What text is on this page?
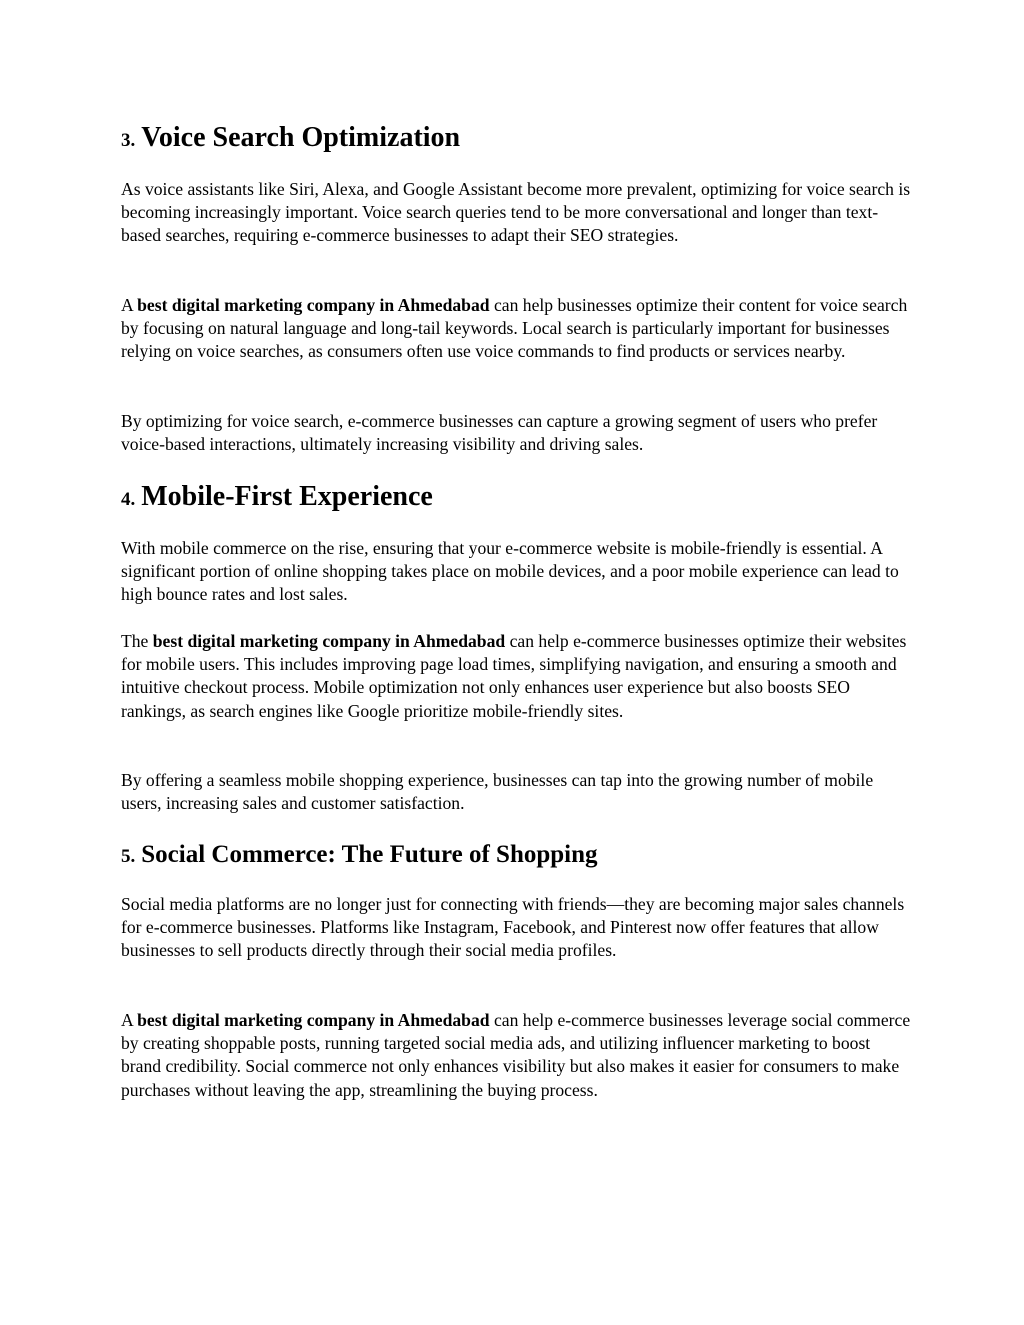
3. Voice Search Optimization

As voice assistants like Siri, Alexa, and Google Assistant become more prevalent, optimizing for voice search is becoming increasingly important. Voice search queries tend to be more conversational and longer than text-based searches, requiring e-commerce businesses to adapt their SEO strategies.

A best digital marketing company in Ahmedabad can help businesses optimize their content for voice search by focusing on natural language and long-tail keywords. Local search is particularly important for businesses relying on voice searches, as consumers often use voice commands to find products or services nearby.

By optimizing for voice search, e-commerce businesses can capture a growing segment of users who prefer voice-based interactions, ultimately increasing visibility and driving sales.

4. Mobile-First Experience

With mobile commerce on the rise, ensuring that your e-commerce website is mobile-friendly is essential. A significant portion of online shopping takes place on mobile devices, and a poor mobile experience can lead to high bounce rates and lost sales.

The best digital marketing company in Ahmedabad can help e-commerce businesses optimize their websites for mobile users. This includes improving page load times, simplifying navigation, and ensuring a smooth and intuitive checkout process. Mobile optimization not only enhances user experience but also boosts SEO rankings, as search engines like Google prioritize mobile-friendly sites.

By offering a seamless mobile shopping experience, businesses can tap into the growing number of mobile users, increasing sales and customer satisfaction.

5. Social Commerce: The Future of Shopping

Social media platforms are no longer just for connecting with friends—they are becoming major sales channels for e-commerce businesses. Platforms like Instagram, Facebook, and Pinterest now offer features that allow businesses to sell products directly through their social media profiles.

A best digital marketing company in Ahmedabad can help e-commerce businesses leverage social commerce by creating shoppable posts, running targeted social media ads, and utilizing influencer marketing to boost brand credibility. Social commerce not only enhances visibility but also makes it easier for consumers to make purchases without leaving the app, streamlining the buying process.
